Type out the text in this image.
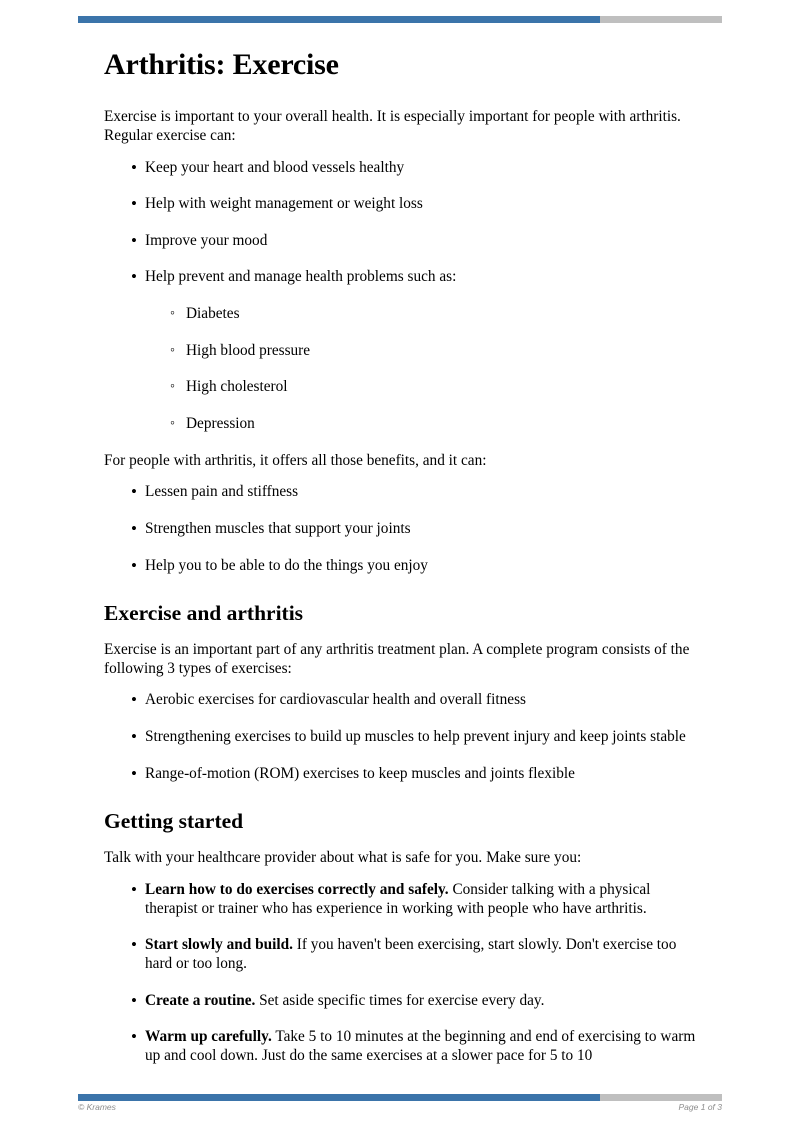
Arthritis: Exercise

Exercise is important to your overall health. It is especially important for people with arthritis. Regular exercise can:

• Keep your heart and blood vessels healthy
• Help with weight management or weight loss
• Improve your mood
• Help prevent and manage health problems such as:
◦ Diabetes
◦ High blood pressure
◦ High cholesterol
◦ Depression

For people with arthritis, it offers all those benefits, and it can:

• Lessen pain and stiffness
• Strengthen muscles that support your joints
• Help you to be able to do the things you enjoy
Exercise and arthritis

Exercise is an important part of any arthritis treatment plan. A complete program consists of the following 3 types of exercises:

• Aerobic exercises for cardiovascular health and overall fitness
• Strengthening exercises to build up muscles to help prevent injury and keep joints stable
• Range-of-motion (ROM) exercises to keep muscles and joints flexible
Getting started

Talk with your healthcare provider about what is safe for you. Make sure you:

• Learn how to do exercises correctly and safely. Consider talking with a physical therapist or trainer who has experience in working with people who have arthritis.
• Start slowly and build. If you haven't been exercising, start slowly. Don't exercise too hard or too long.
• Create a routine. Set aside specific times for exercise every day.
• Warm up carefully. Take 5 to 10 minutes at the beginning and end of exercising to warm up and cool down. Just do the same exercises at a slower pace for 5 to 10
© Krames	Page 1 of 3
